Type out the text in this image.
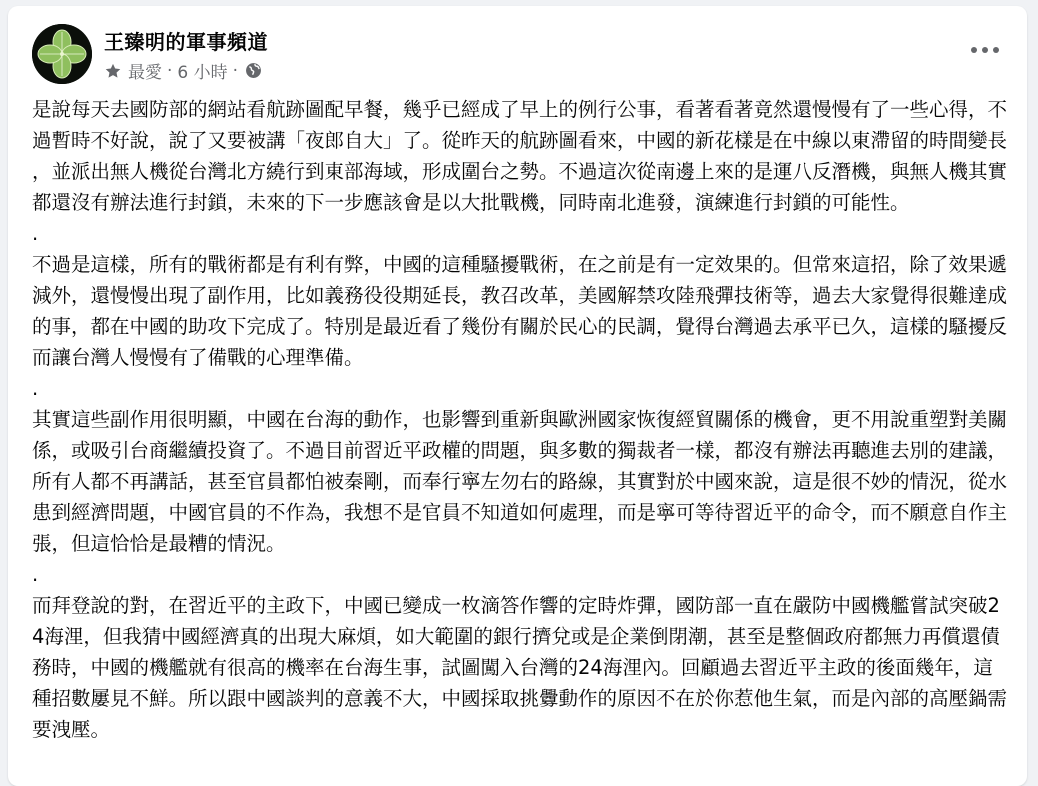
王臻明的軍事頻道
最愛 · 6 小時 ·

是說每天去國防部的網站看航跡圖配早餐，幾乎已經成了早上的例行公事，看著看著竟然還慢慢有了一些心得，不過暫時不好說，說了又要被講「夜郎自大」了。從昨天的航跡圖看來，中國的新花樣是在中線以東滯留的時間變長，並派出無人機從台灣北方繞行到東部海域，形成圍台之勢。不過這次從南邊上來的是運八反潛機，與無人機其實都還沒有辦法進行封鎖，未來的下一步應該會是以大批戰機，同時南北進發，演練進行封鎖的可能性。

.

不過是這樣，所有的戰術都是有利有弊，中國的這種騷擾戰術，在之前是有一定效果的。但常來這招，除了效果遞減外，還慢慢出現了副作用，比如義務役役期延長，教召改革，美國解禁攻陸飛彈技術等，過去大家覺得很難達成的事，都在中國的助攻下完成了。特別是最近看了幾份有關於民心的民調，覺得台灣過去承平已久，這樣的騷擾反而讓台灣人慢慢有了備戰的心理準備。

.

其實這些副作用很明顯，中國在台海的動作，也影響到重新與歐洲國家恢復經貿關係的機會，更不用說重塑對美關係，或吸引台商繼續投資了。不過目前習近平政權的問題，與多數的獨裁者一樣，都沒有辦法再聽進去別的建議，所有人都不再講話，甚至官員都怕被秦剛，而奉行寧左勿右的路線，其實對於中國來說，這是很不妙的情況，從水患到經濟問題，中國官員的不作為，我想不是官員不知道如何處理，而是寧可等待習近平的命令，而不願意自作主張，但這恰恰是最糟的情況。

.

而拜登說的對，在習近平的主政下，中國已變成一枚滴答作響的定時炸彈，國防部一直在嚴防中國機艦嘗試突破24海浬，但我猜中國經濟真的出現大麻煩，如大範圍的銀行擠兌或是企業倒閉潮，甚至是整個政府都無力再償還債務時，中國的機艦就有很高的機率在台海生事，試圖闖入台灣的24海浬內。回顧過去習近平主政的後面幾年，這種招數屢見不鮮。所以跟中國談判的意義不大，中國採取挑釁動作的原因不在於你惹他生氣，而是內部的高壓鍋需要洩壓。
